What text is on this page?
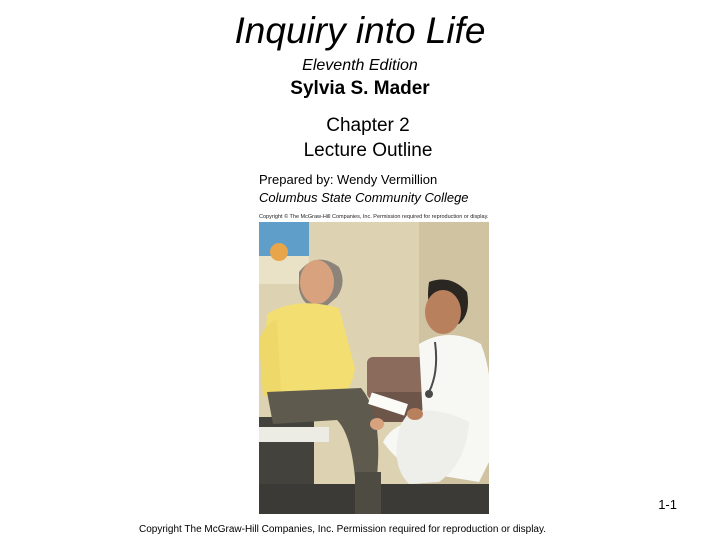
Inquiry into Life
Eleventh Edition
Sylvia S. Mader
Chapter 2
Lecture Outline
Prepared by: Wendy Vermillion
Columbus State Community College
Copyright © The McGraw-Hill Companies, Inc. Permission required for reproduction or display.
1-1
Copyright The McGraw-Hill Companies, Inc. Permission required for reproduction or display.
